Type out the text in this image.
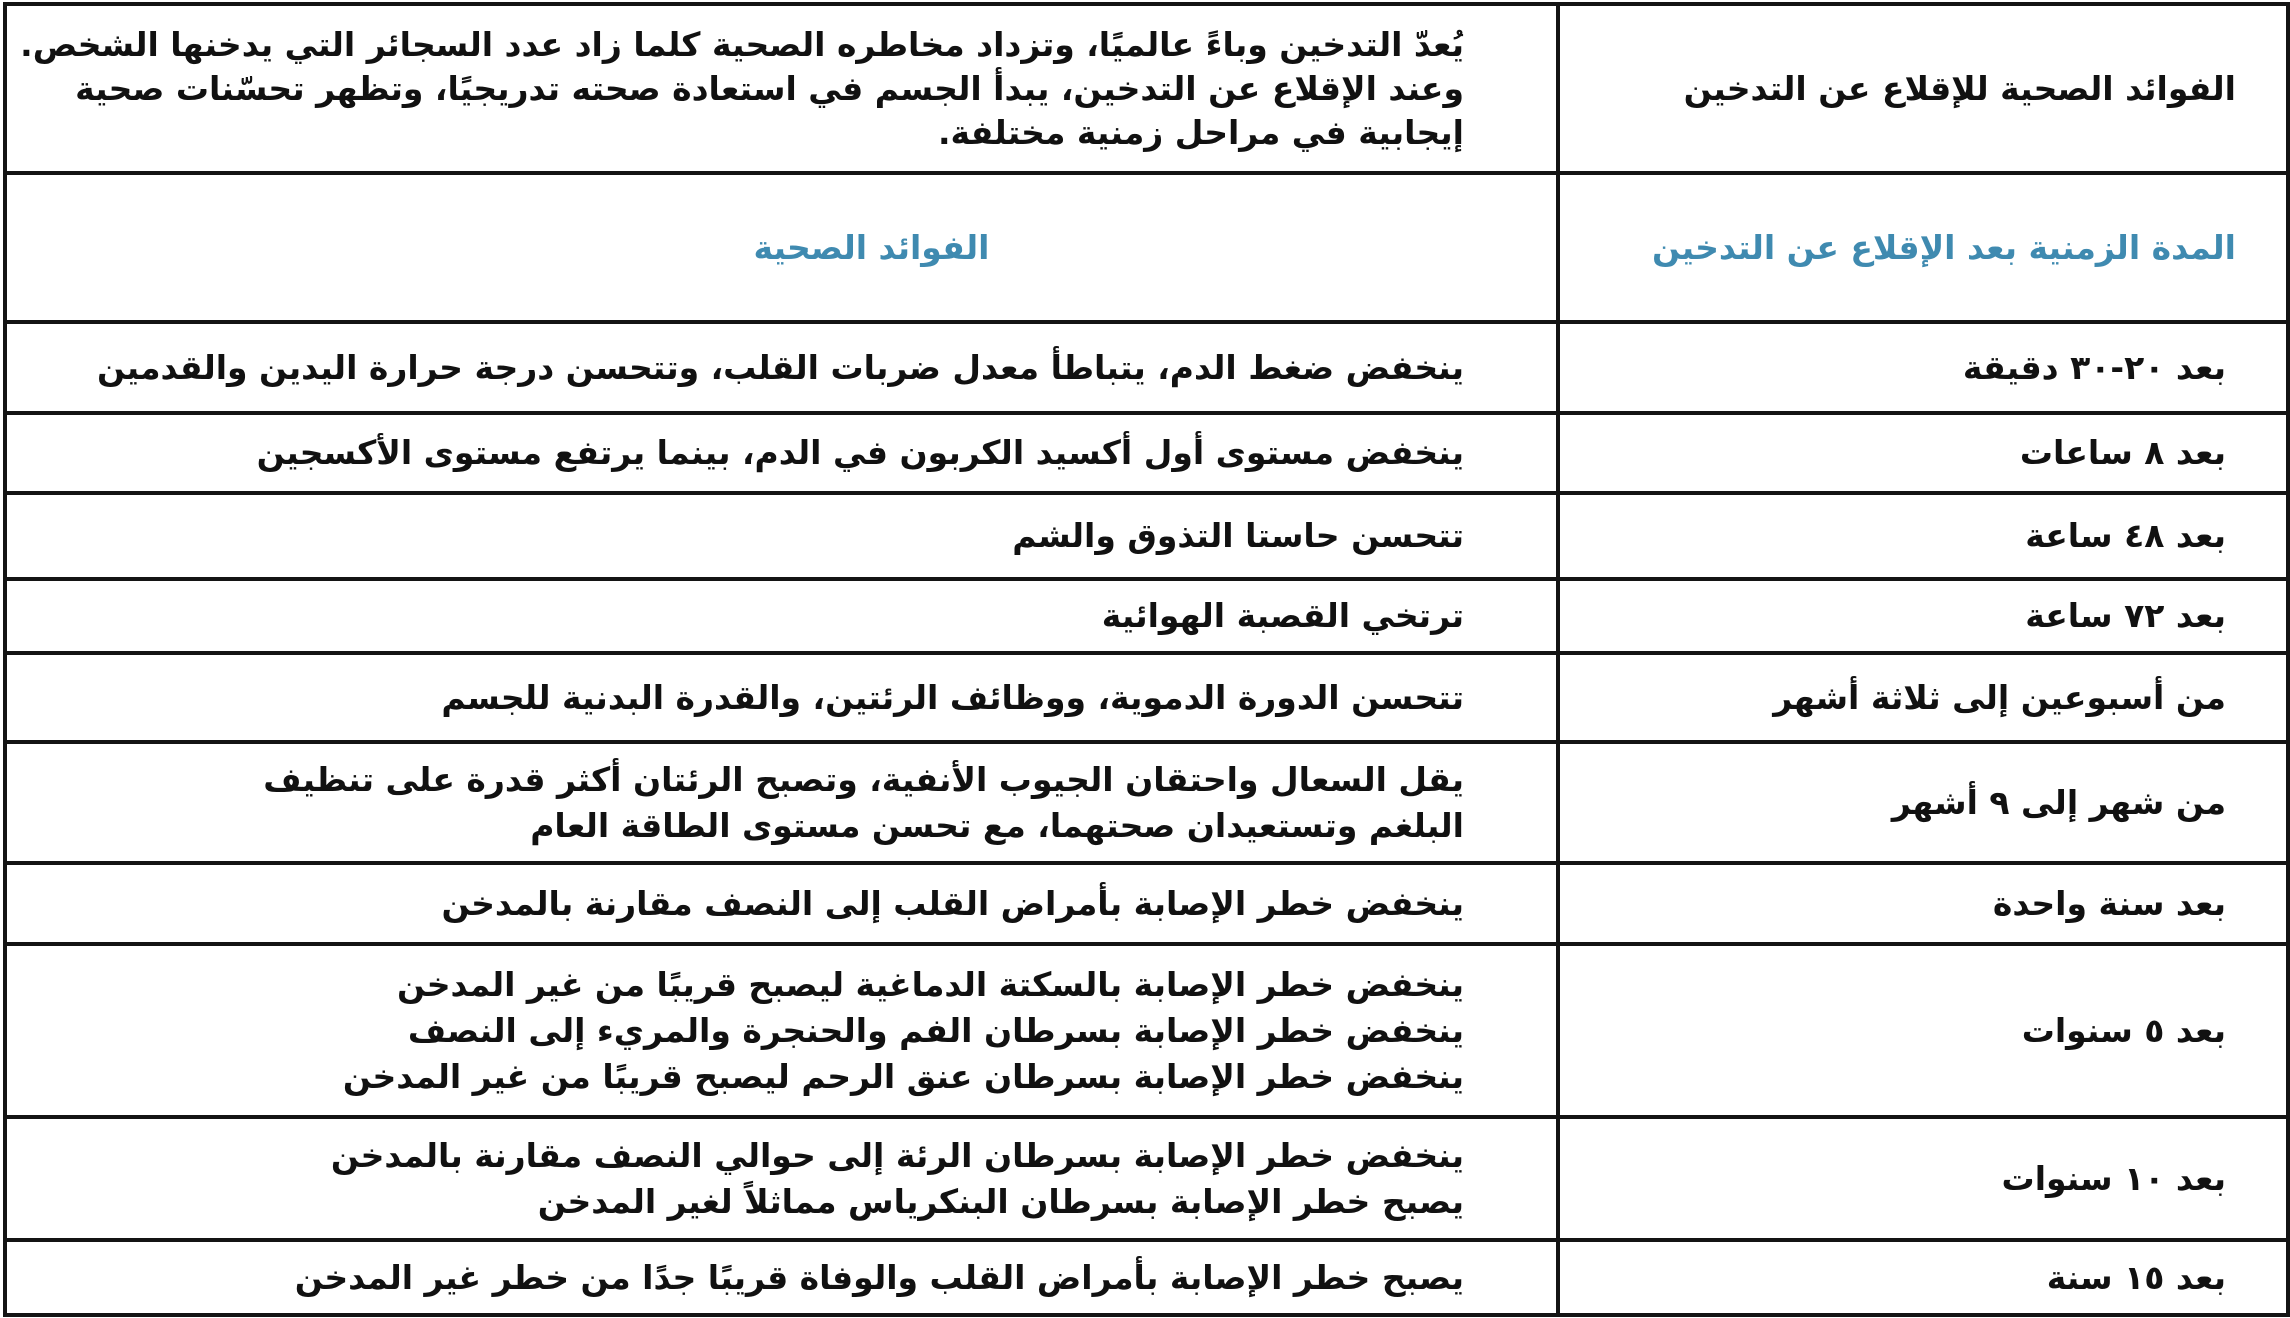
الفوائد الصحية للإقلاع عن التدخين	يُعدّ التدخين وباءً عالميًا، وتزداد مخاطره الصحية كلما زاد عدد السجائر التي يدخنها الشخص.
وعند الإقلاع عن التدخين، يبدأ الجسم في استعادة صحته تدريجيًا، وتظهر تحسّنات صحية
إيجابية في مراحل زمنية مختلفة.

المدة الزمنية بعد الإقلاع عن التدخين	الفوائد الصحية

بعد ٢٠-٣٠ دقيقة	ينخفض ضغط الدم، يتباطأ معدل ضربات القلب، وتتحسن درجة حرارة اليدين والقدمين

بعد ٨ ساعات	ينخفض مستوى أول أكسيد الكربون في الدم، بينما يرتفع مستوى الأكسجين

بعد ٤٨ ساعة	تتحسن حاستا التذوق والشم

بعد ٧٢ ساعة	ترتخي القصبة الهوائية

من أسبوعين إلى ثلاثة أشهر	تتحسن الدورة الدموية، ووظائف الرئتين، والقدرة البدنية للجسم

من شهر إلى ٩ أشهر	يقل السعال واحتقان الجيوب الأنفية، وتصبح الرئتان أكثر قدرة على تنظيف
البلغم وتستعيدان صحتهما، مع تحسن مستوى الطاقة العام

بعد سنة واحدة	ينخفض خطر الإصابة بأمراض القلب إلى النصف مقارنة بالمدخن

بعد ٥ سنوات	ينخفض خطر الإصابة بالسكتة الدماغية ليصبح قريبًا من غير المدخن
ينخفض خطر الإصابة بسرطان الفم والحنجرة والمريء إلى النصف
ينخفض خطر الإصابة بسرطان عنق الرحم ليصبح قريبًا من غير المدخن

بعد ١٠ سنوات	ينخفض خطر الإصابة بسرطان الرئة إلى حوالي النصف مقارنة بالمدخن
يصبح خطر الإصابة بسرطان البنكرياس مماثلاً لغير المدخن

بعد ١٥ سنة	يصبح خطر الإصابة بأمراض القلب والوفاة قريبًا جدًا من خطر غير المدخن
